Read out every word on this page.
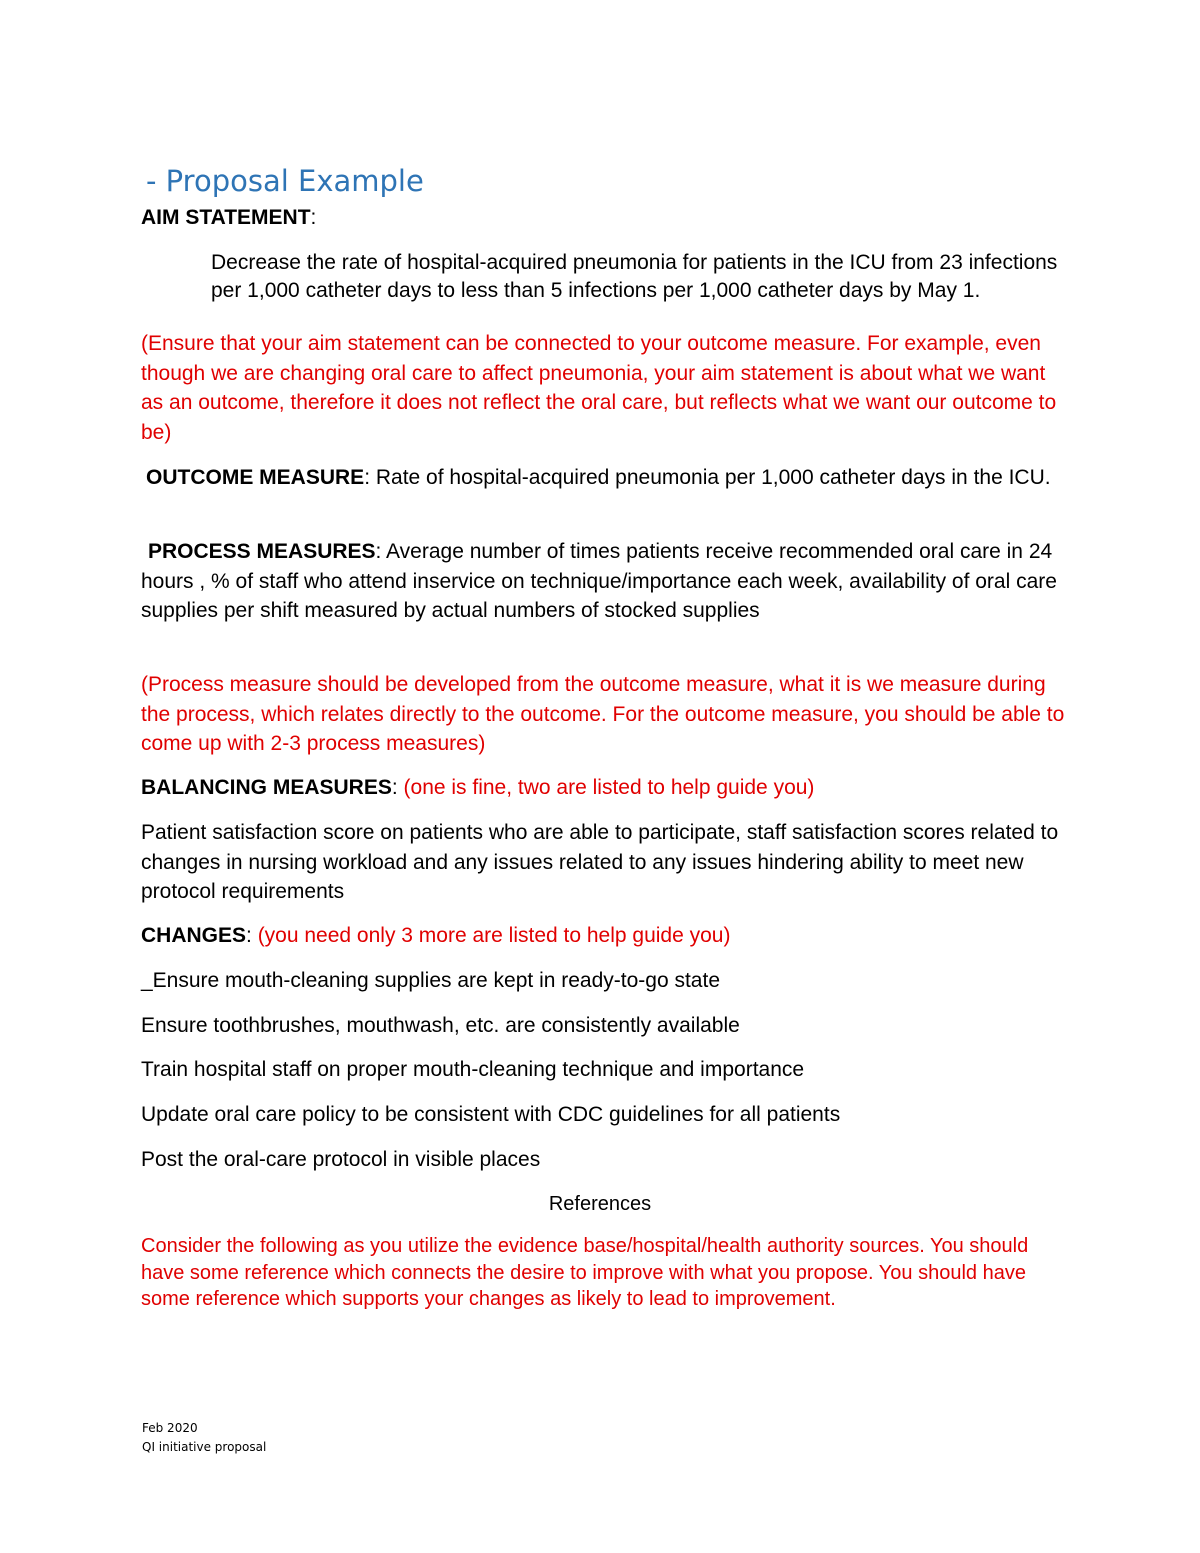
- Proposal Example
AIM STATEMENT:
Decrease the rate of hospital-acquired pneumonia for patients in the ICU from 23 infections per 1,000 catheter days to less than 5 infections per 1,000 catheter days by May 1.
(Ensure that your aim statement can be connected to your outcome measure. For example, even though we are changing oral care to affect pneumonia, your aim statement is about what we want as an outcome, therefore it does not reflect the oral care, but reflects what we want our outcome to be)
OUTCOME MEASURE: Rate of hospital-acquired pneumonia per 1,000 catheter days in the ICU.
PROCESS MEASURES: Average number of times patients receive recommended oral care in 24 hours , % of staff who attend inservice on technique/importance each week, availability of oral care supplies per shift measured by actual numbers of stocked supplies
(Process measure should be developed from the outcome measure, what it is we measure during the process, which relates directly to the outcome. For the outcome measure, you should be able to come up with 2-3 process measures)
BALANCING MEASURES: (one is fine, two are listed to help guide you)
Patient satisfaction score on patients who are able to participate, staff satisfaction scores related to changes in nursing workload and any issues related to any issues hindering ability to meet new protocol requirements
CHANGES: (you need only 3 more are listed to help guide you)
_Ensure mouth-cleaning supplies are kept in ready-to-go state
Ensure toothbrushes, mouthwash, etc. are consistently available
Train hospital staff on proper mouth-cleaning technique and importance
Update oral care policy to be consistent with CDC guidelines for all patients
Post the oral-care protocol in visible places
References
Consider the following as you utilize the evidence base/hospital/health authority sources. You should have some reference which connects the desire to improve with what you propose. You should have some reference which supports your changes as likely to lead to improvement.
Feb 2020
QI initiative proposal
